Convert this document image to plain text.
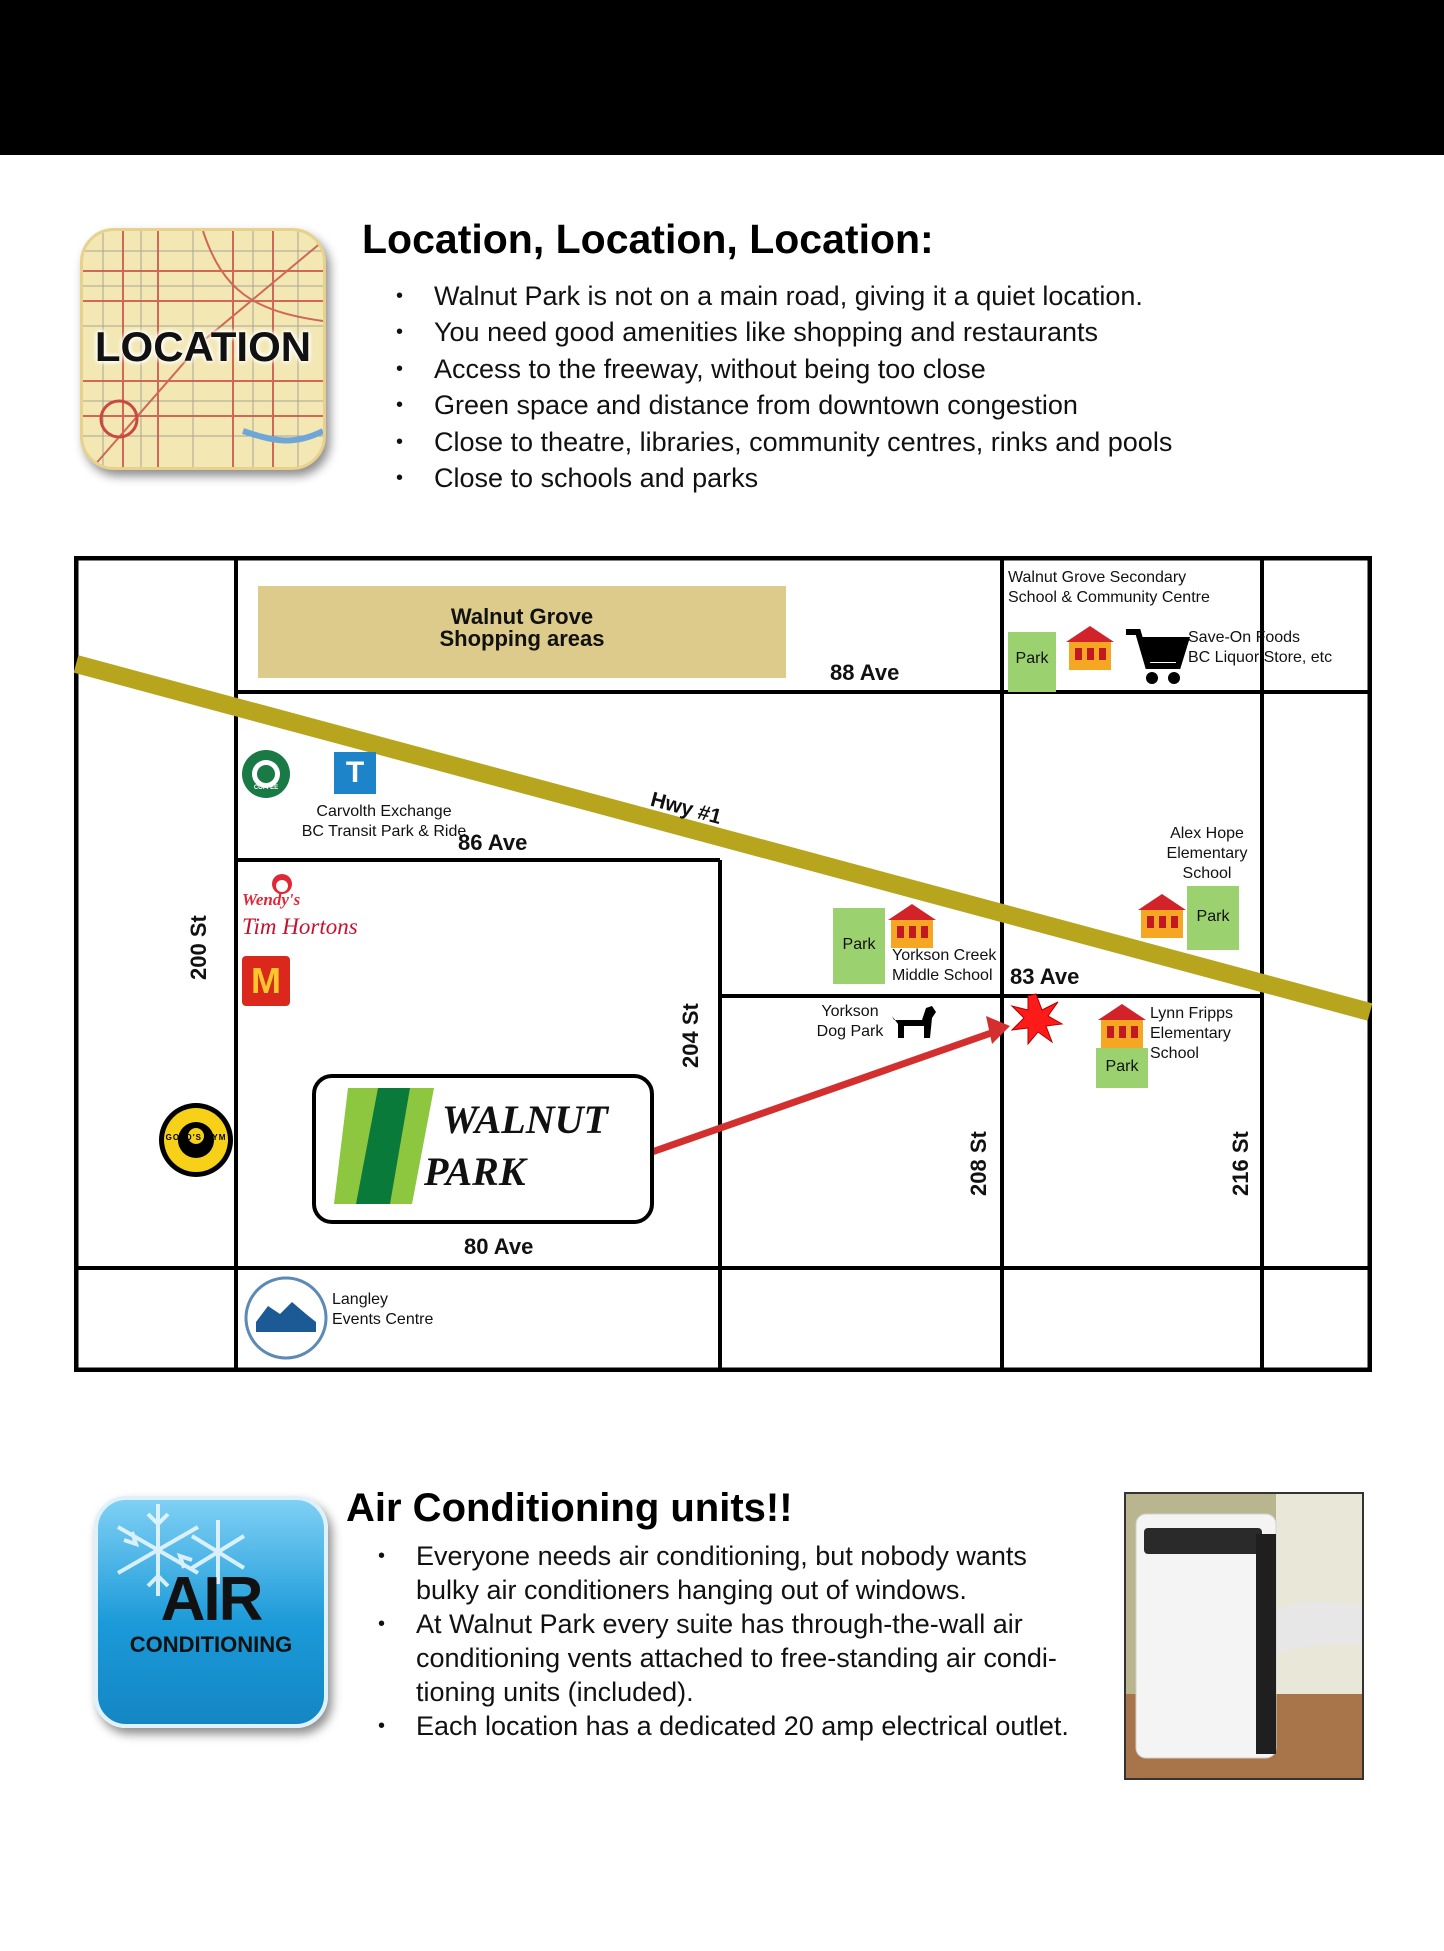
LOCATION
Location, Location, Location:
• Walnut Park is not on a main road, giving it a quiet location.
• You need good amenities like shopping and restaurants
• Access to the freeway, without being too close
• Green space and distance from downtown congestion
• Close to theatre, libraries, community centres, rinks and pools
• Close to schools and parks
Walnut Grove
Shopping areas
88 Ave
86 Ave
83 Ave
80 Ave
200 St
204 St
208 St	216 St
Hwy #1
Walnut Grove Secondary
School & Community Centre
Park
Park
Park
Park
Save-On Foods
BC Liquor Store, etc
T
Carvolth Exchange
BC Transit Park & Ride
COFFEE
Alex Hope
Elementary
School
Wendy's
Tim Hortons
M
Yorkson Creek
Middle School
Yorkson
Dog Park
Lynn Fripps
Elementary
School
GOLD'S GYM
Langley
Events Centre
WALNUT
PARK
AIR
CONDITIONING
Air Conditioning units!!
• Everyone needs air conditioning, but nobody wants
bulky air conditioners hanging out of windows.
• At Walnut Park every suite has through-the-wall air
conditioning vents attached to free-standing air condi-
tioning units (included).
• Each location has a dedicated 20 amp electrical outlet.
